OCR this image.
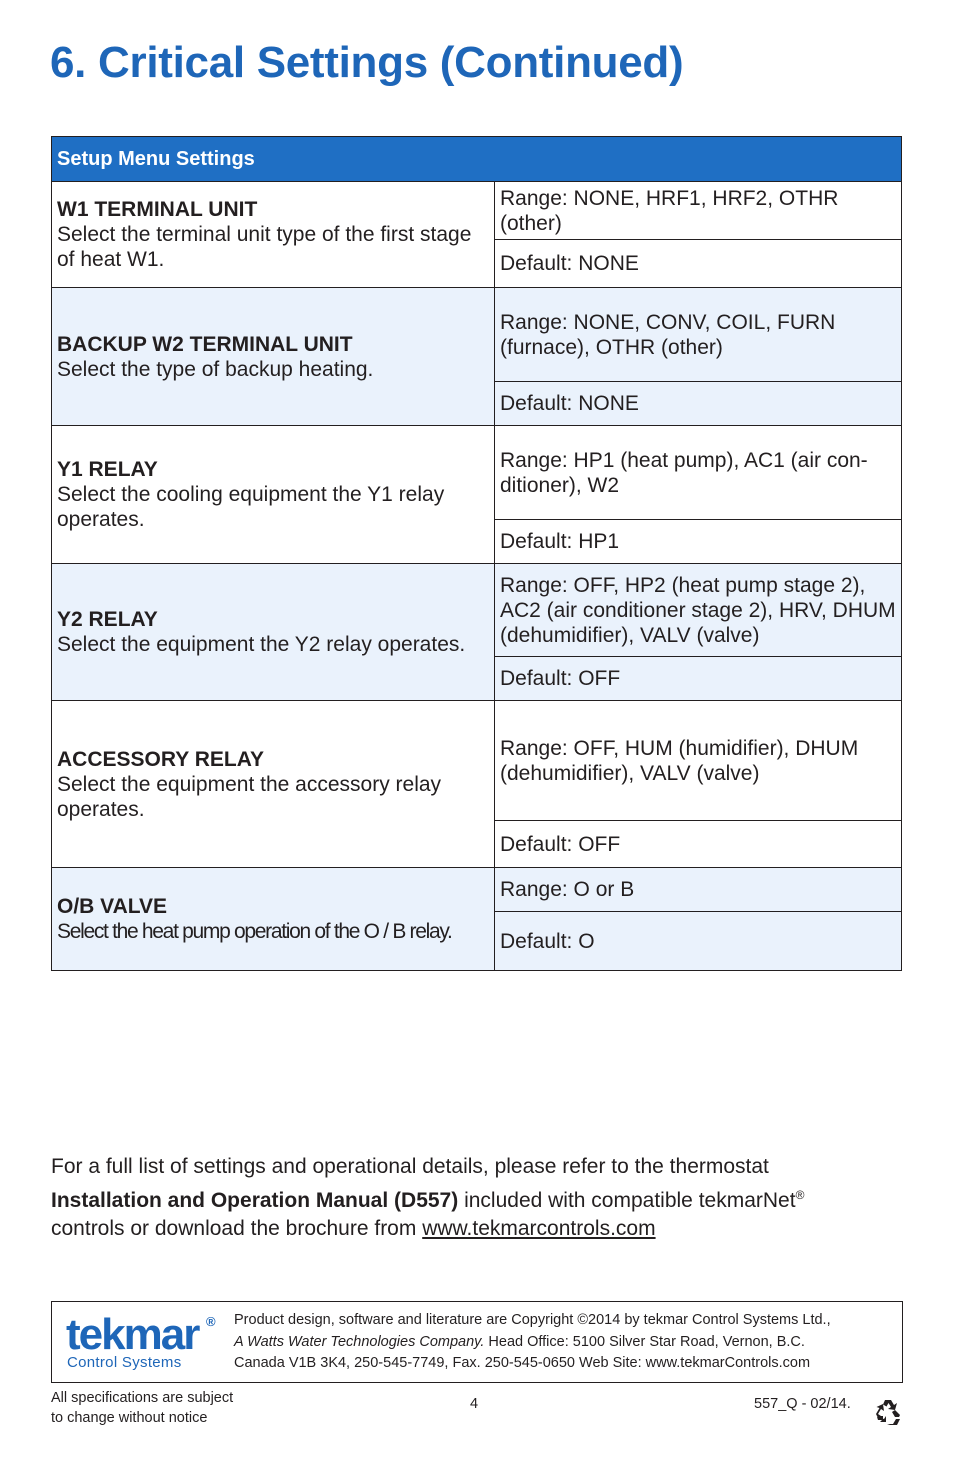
6. Critical Settings (Continued)
Setup Menu Settings	

W1 TERMINAL UNIT
Select the terminal unit type of the first stage of heat W1.	Range: NONE, HRF1, HRF2, OTHR (other)
	Default: NONE

BACKUP W2 TERMINAL UNIT
Select the type of backup heating.	Range: NONE, CONV, COIL, FURN (furnace), OTHR (other)
	Default: NONE

Y1 RELAY
Select the cooling equipment the Y1 relay operates.	Range: HP1 (heat pump), AC1 (air con-ditioner), W2
	Default: HP1

Y2 RELAY
Select the equipment the Y2 relay operates.	Range: OFF, HP2 (heat pump stage 2), AC2 (air conditioner stage 2), HRV, DHUM (dehumidifier), VALV (valve)
	Default: OFF

ACCESSORY RELAY
Select the equipment the accessory relay operates.	Range: OFF, HUM (humidifier), DHUM (dehumidifier), VALV (valve)
	Default: OFF

O/B VALVE
Select the heat pump operation of the O / B relay.	Range: O or B
	Default: O
For a full list of settings and operational details, please refer to the thermostat
Installation and Operation Manual (D557) included with compatible tekmarNet®
controls or download the brochure from www.tekmarcontrols.com
tekmar ®
Control Systems
Product design, software and literature are Copyright ©2014 by tekmar Control Systems Ltd.,
A Watts Water Technologies Company. Head Office: 5100 Silver Star Road, Vernon, B.C.
Canada V1B 3K4, 250-545-7749, Fax. 250-545-0650 Web Site: www.tekmarControls.com
All specifications are subject
to change without notice
4	557_Q - 02/14.
